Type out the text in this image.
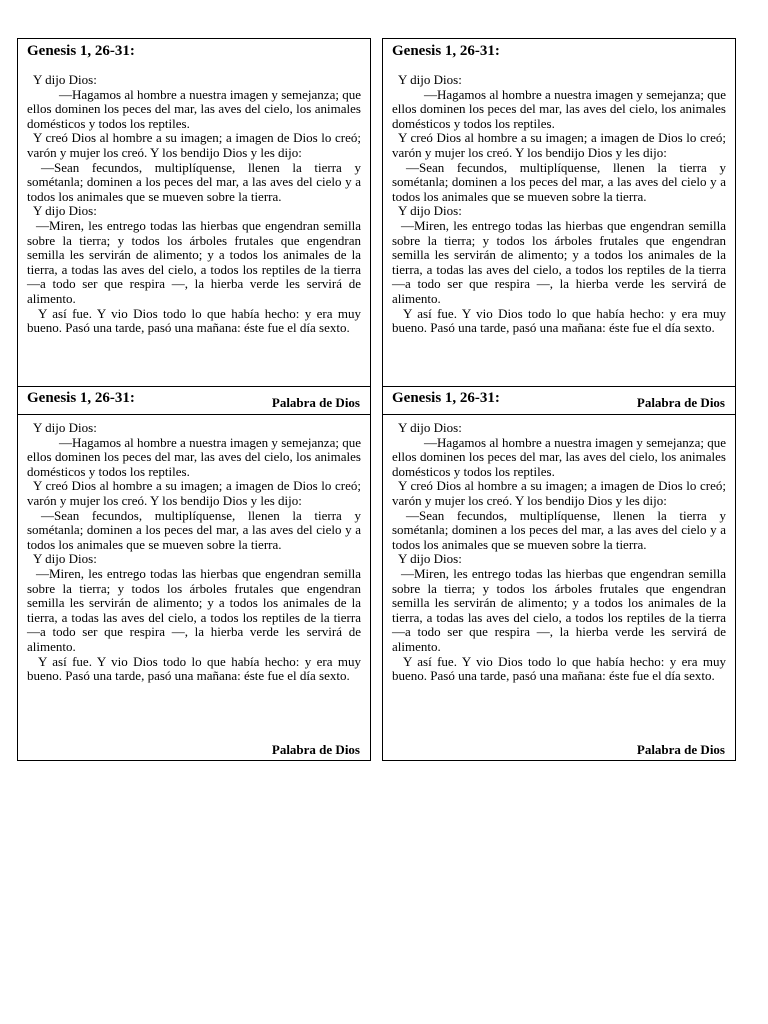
Genesis 1, 26-31:

Y dijo Dios:

—Hagamos al hombre a nuestra imagen y semejanza; que ellos dominen los peces del mar, las aves del cielo, los animales domésticos y todos los reptiles.

Y creó Dios al hombre a su imagen; a imagen de Dios lo creó; varón y mujer los creó. Y los bendijo Dios y les dijo:

—Sean fecundos, multiplíquense, llenen la tierra y sométanla; dominen a los peces del mar, a las aves del cielo y a todos los animales que se mueven sobre la tierra.

Y dijo Dios:

—Miren, les entrego todas las hierbas que engendran semilla sobre la tierra; y todos los árboles frutales que engendran semilla les servirán de alimento; y a todos los animales de la tierra, a todas las aves del cielo, a todos los reptiles de la tierra —a todo ser que respira —, la hierba verde les servirá de alimento.

Y así fue. Y vio Dios todo lo que había hecho: y era muy bueno. Pasó una tarde, pasó una mañana: éste fue el día sexto.

Genesis 1, 26-31:

Y dijo Dios:

—Hagamos al hombre a nuestra imagen y semejanza; que ellos dominen los peces del mar, las aves del cielo, los animales domésticos y todos los reptiles.

Y creó Dios al hombre a su imagen; a imagen de Dios lo creó; varón y mujer los creó. Y los bendijo Dios y les dijo:

—Sean fecundos, multiplíquense, llenen la tierra y sométanla; dominen a los peces del mar, a las aves del cielo y a todos los animales que se mueven sobre la tierra.

Y dijo Dios:

—Miren, les entrego todas las hierbas que engendran semilla sobre la tierra; y todos los árboles frutales que engendran semilla les servirán de alimento; y a todos los animales de la tierra, a todas las aves del cielo, a todos los reptiles de la tierra —a todo ser que respira —, la hierba verde les servirá de alimento.

Y así fue. Y vio Dios todo lo que había hecho: y era muy bueno. Pasó una tarde, pasó una mañana: éste fue el día sexto.

Genesis 1, 26-31:	Palabra de Dios

Y dijo Dios:

—Hagamos al hombre a nuestra imagen y semejanza; que ellos dominen los peces del mar, las aves del cielo, los animales domésticos y todos los reptiles.

Y creó Dios al hombre a su imagen; a imagen de Dios lo creó; varón y mujer los creó. Y los bendijo Dios y les dijo:

—Sean fecundos, multiplíquense, llenen la tierra y sométanla; dominen a los peces del mar, a las aves del cielo y a todos los animales que se mueven sobre la tierra.

Y dijo Dios:

—Miren, les entrego todas las hierbas que engendran semilla sobre la tierra; y todos los árboles frutales que engendran semilla les servirán de alimento; y a todos los animales de la tierra, a todas las aves del cielo, a todos los reptiles de la tierra —a todo ser que respira —, la hierba verde les servirá de alimento.

Y así fue. Y vio Dios todo lo que había hecho: y era muy bueno. Pasó una tarde, pasó una mañana: éste fue el día sexto.

Palabra de Dios
Genesis 1, 26-31:	Palabra de Dios

Y dijo Dios:

—Hagamos al hombre a nuestra imagen y semejanza; que ellos dominen los peces del mar, las aves del cielo, los animales domésticos y todos los reptiles.

Y creó Dios al hombre a su imagen; a imagen de Dios lo creó; varón y mujer los creó. Y los bendijo Dios y les dijo:

—Sean fecundos, multiplíquense, llenen la tierra y sométanla; dominen a los peces del mar, a las aves del cielo y a todos los animales que se mueven sobre la tierra.

Y dijo Dios:

—Miren, les entrego todas las hierbas que engendran semilla sobre la tierra; y todos los árboles frutales que engendran semilla les servirán de alimento; y a todos los animales de la tierra, a todas las aves del cielo, a todos los reptiles de la tierra —a todo ser que respira —, la hierba verde les servirá de alimento.

Y así fue. Y vio Dios todo lo que había hecho: y era muy bueno. Pasó una tarde, pasó una mañana: éste fue el día sexto.

Palabra de Dios
